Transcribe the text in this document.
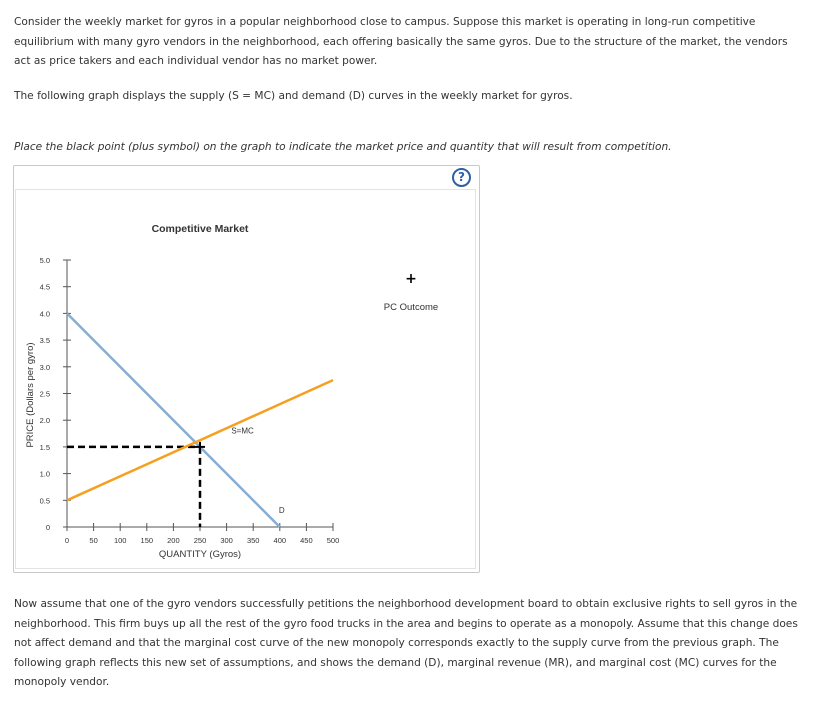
Consider the weekly market for gyros in a popular neighborhood close to campus. Suppose this market is operating in long-run competitive equilibrium with many gyro vendors in the neighborhood, each offering basically the same gyros. Due to the structure of the market, the vendors act as price takers and each individual vendor has no market power.

The following graph displays the supply (S = MC) and demand (D) curves in the weekly market for gyros.

Place the black point (plus symbol) on the graph to indicate the market price and quantity that will result from competition.

?
0	50 100 150 200 250 300 350 400 450 500
0
0.5
1.0
1.5
2.0
2.5
3.0
3.5
4.0
4.5
5.0
Competitive Market
QUANTITY (Gyros)
PRICE (Dollars per gyro)
D
S=MC
+
PC Outcome

Now assume that one of the gyro vendors successfully petitions the neighborhood development board to obtain exclusive rights to sell gyros in the neighborhood. This firm buys up all the rest of the gyro food trucks in the area and begins to operate as a monopoly. Assume that this change does not affect demand and that the marginal cost curve of the new monopoly corresponds exactly to the supply curve from the previous graph. The following graph reflects this new set of assumptions, and shows the demand (D), marginal revenue (MR), and marginal cost (MC) curves for the monopoly vendor.
